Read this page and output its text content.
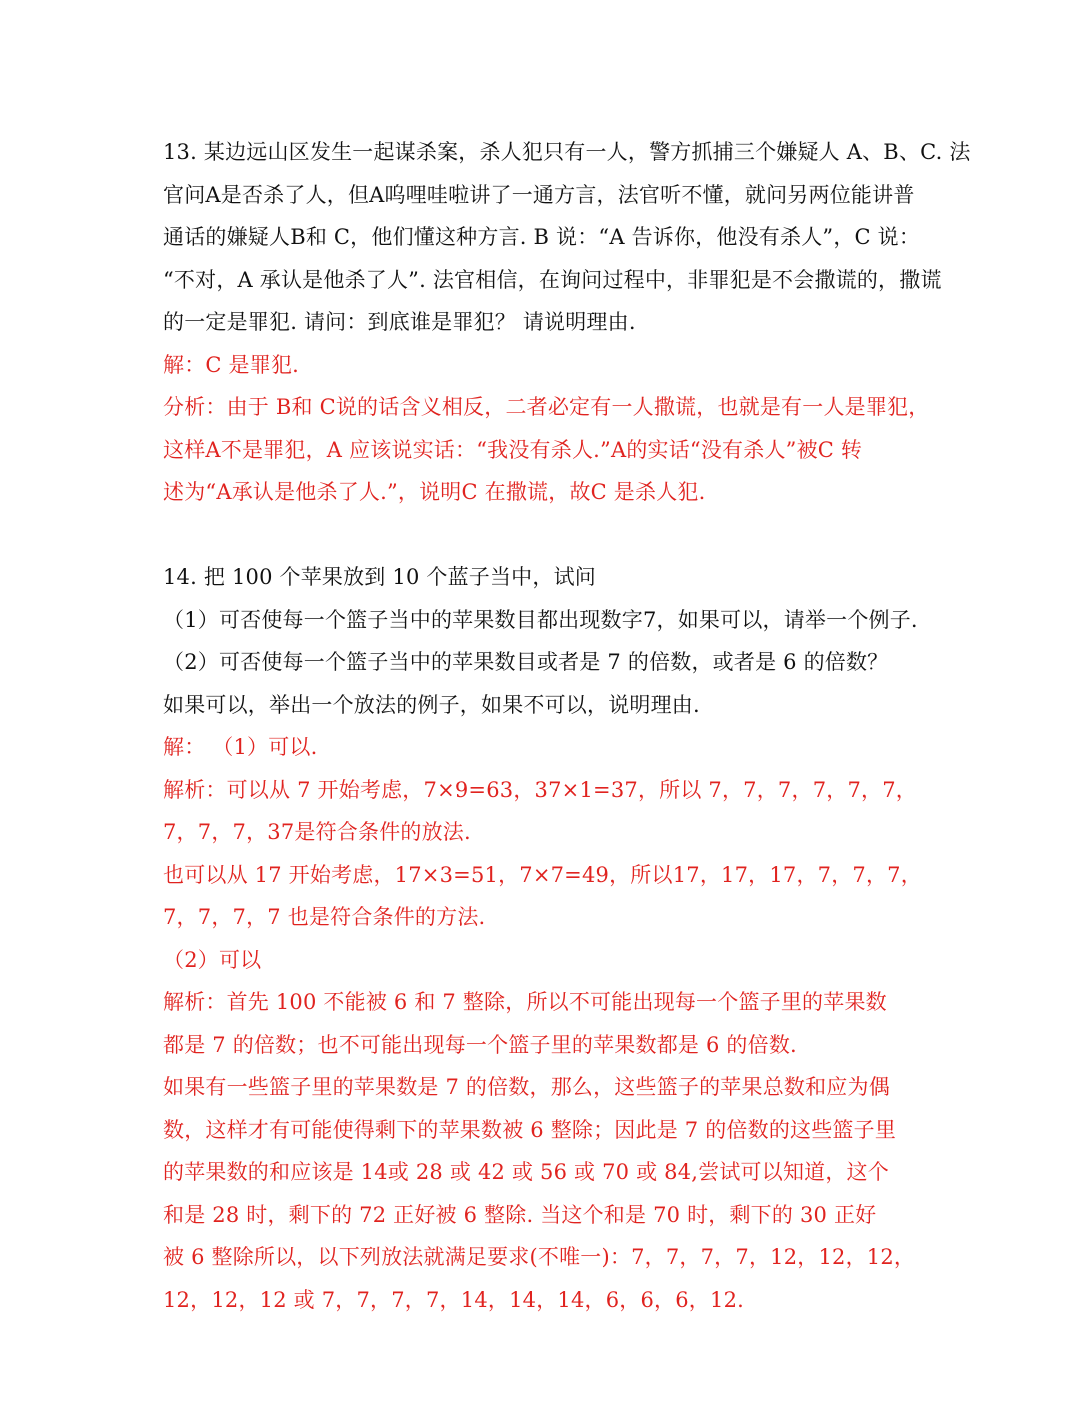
13. 某边远山区发生一起谋杀案，杀人犯只有一人，警方抓捕三个嫌疑人 A、B、C. 法
官问A是否杀了人，但A呜哩哇啦讲了一通方言，法官听不懂，就问另两位能讲普
通话的嫌疑人B和 C，他们懂这种方言. B 说：“A 告诉你，他没有杀人”，C 说：
“不对，A 承认是他杀了人”. 法官相信，在询问过程中，非罪犯是不会撒谎的，撒谎
的一定是罪犯. 请问：到底谁是罪犯？ 请说明理由.
解：C 是罪犯.
分析：由于 B和 C说的话含义相反，二者必定有一人撒谎，也就是有一人是罪犯，
这样A不是罪犯，A 应该说实话：“我没有杀人.”A的实话“没有杀人”被C 转
述为“A承认是他杀了人.”，说明C 在撒谎，故C 是杀人犯.
14. 把 100 个苹果放到 10 个蓝子当中，试问
（1）可否使每一个篮子当中的苹果数目都出现数字7，如果可以，请举一个例子.
（2）可否使每一个篮子当中的苹果数目或者是 7 的倍数，或者是 6 的倍数？
如果可以，举出一个放法的例子，如果不可以，说明理由.
解： （1）可以.
解析：可以从 7 开始考虑，7×9=63，37×1=37，所以 7，7，7，7，7，7，
7，7，7，37是符合条件的放法.
也可以从 17 开始考虑，17×3=51，7×7=49，所以17，17，17，7，7，7，
7，7，7，7 也是符合条件的方法.
（2）可以
解析：首先 100 不能被 6 和 7 整除，所以不可能出现每一个篮子里的苹果数
都是 7 的倍数；也不可能出现每一个篮子里的苹果数都是 6 的倍数.
如果有一些篮子里的苹果数是 7 的倍数，那么，这些篮子的苹果总数和应为偶
数，这样才有可能使得剩下的苹果数被 6 整除；因此是 7 的倍数的这些篮子里
的苹果数的和应该是 14或 28 或 42 或 56 或 70 或 84,尝试可以知道，这个
和是 28 时，剩下的 72 正好被 6 整除. 当这个和是 70 时，剩下的 30 正好
被 6 整除所以，以下列放法就满足要求(不唯一)：7，7，7，7，12，12，12，
12，12，12 或 7，7，7，7，14，14，14，6，6，6，12.
